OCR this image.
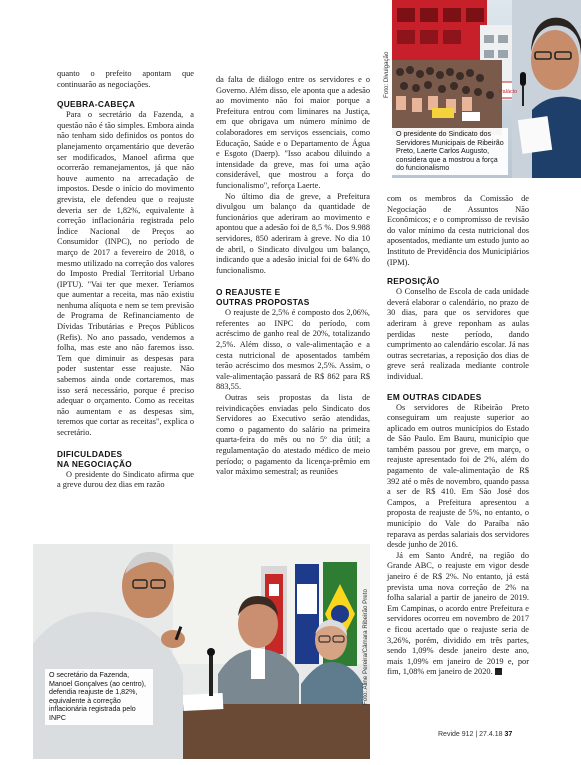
Palácio
Foto: Divulgação
O presidente do Sindicato dos Servidores Municipais de Ribeirão Preto, Laerte Carlos Augusto, considera que a mostrou a força do funcionalismo

quanto o prefeito apontam que continuarão as negociações.

QUEBRA-CABEÇA

Para o secretário da Fazenda, a questão não é tão simples. Embora ainda não tenham sido definidos os pontos do planejamento orçamentário que deverão ser modificados, Manoel afirma que ocorrerão remanejamentos, já que não houve aumento na arrecadação de impostos. Desde o início do movimento grevista, ele defendeu que o reajuste deveria ser de 1,82%, equivalente à correção inflacionária registrada pelo Índice Nacional de Preços ao Consumidor (INPC), no período de março de 2017 a fevereiro de 2018, o mesmo utilizado na correção dos valores do Imposto Predial Territorial Urbano (IPTU). "Vai ter que mexer. Teríamos que aumentar a receita, mas não existiu nenhuma alíquota e nem se tem previsão de Programa de Refinanciamento de Dívidas Tributárias e Preços Públicos (Refis). No ano passado, vendemos a folha, mas este ano não faremos isso. Tem que diminuir as despesas para poder sustentar esse reajuste. Não sabemos ainda onde cortaremos, mas isso será necessário, porque é preciso adequar o orçamento. Como as receitas não aumentam e as despesas sim, teremos que cortar as receitas", explica o secretário.

DIFICULDADES
NA NEGOCIAÇÃO

O presidente do Sindicato afirma que a greve durou dez dias em razão

da falta de diálogo entre os servidores e o Governo. Além disso, ele aponta que a adesão ao movimento não foi maior porque a Prefeitura entrou com liminares na Justiça, em que obrigava um número mínimo de colaboradores em serviços essenciais, como Educação, Saúde e o Departamento de Água e Esgoto (Daerp). "Isso acabou diluindo a intensidade da greve, mas foi uma ação considerável, que mostrou a força do funcionalismo", reforça Laerte.

No último dia de greve, a Prefeitura divulgou um balanço da quantidade de funcionários que aderiram ao movimento e apontou que a adesão foi de 8,5 %. Dos 9.988 servidores, 850 aderiram à greve. No dia 10 de abril, o Sindicato divulgou um balanço, indicando que a adesão inicial foi de 64% do funcionalismo.

O REAJUSTE E
OUTRAS PROPOSTAS

O reajuste de 2,5% é composto dos 2,06%, referentes ao INPC do período, com acréscimo de ganho real de 20%, totalizando 2,5%. Além disso, o vale-alimentação e a cesta nutricional de aposentados também terão acréscimo dos mesmos 2,5%. Assim, o vale-alimentação passará de R$ 862 para R$ 883,55.

Outras seis propostas da lista de reivindicações enviadas pelo Sindicato dos Servidores ao Executivo serão atendidas, como o pagamento do salário na primeira quarta-feira do mês ou no 5º dia útil; a regulamentação do atestado médico de meio período; o pagamento da licença-prêmio em valor máximo semestral; as reuniões

com os membros da Comissão de Negociação de Assuntos Não Econômicos; e o compromisso de revisão do valor mínimo da cesta nutricional dos aposentados, mediante um estudo junto ao Instituto de Previdência dos Municipiários (IPM).

REPOSIÇÃO

O Conselho de Escola de cada unidade deverá elaborar o calendário, no prazo de 30 dias, para que os servidores que aderiram à greve reponham as aulas perdidas neste período, dando cumprimento ao calendário escolar. Já nas outras secretarias, a reposição dos dias de greve será realizada mediante controle individual.

EM OUTRAS CIDADES

Os servidores de Ribeirão Preto conseguiram um reajuste superior ao aplicado em outros municípios do Estado de São Paulo. Em Bauru, município que também passou por greve, em março, o reajuste apresentado foi de 2%, além do pagamento de vale-alimentação de R$ 392 até o mês de novembro, quando passa a ser de R$ 410. Em São José dos Campos, a Prefeitura apresentou a proposta de reajuste de 5%, no entanto, o município do Vale do Paraíba não reparava as perdas salariais dos servidores desde junho de 2016.

Já em Santo André, na região do Grande ABC, o reajuste em vigor desde janeiro é de R$ 2%. No entanto, já está prevista uma nova correção de 2% na folha salarial a partir de janeiro de 2019. Em Campinas, o acordo entre Prefeitura e servidores ocorreu em novembro de 2017 e ficou acertado que o reajuste seria de 3,26%, porém, dividido em três partes, sendo 1,09% desde janeiro deste ano, mais 1,09% em janeiro de 2019 e, por fim, 1,08% em janeiro de 2020.

O secretário da Fazenda, Manoel Gonçalves (ao centro), defendia reajuste de 1,82%, equivalente à correção inflacionária registrada pelo INPC
Foto: Aline Pereira/Câmara Ribeirão Preto
Revide 912 | 27.4.18 37
